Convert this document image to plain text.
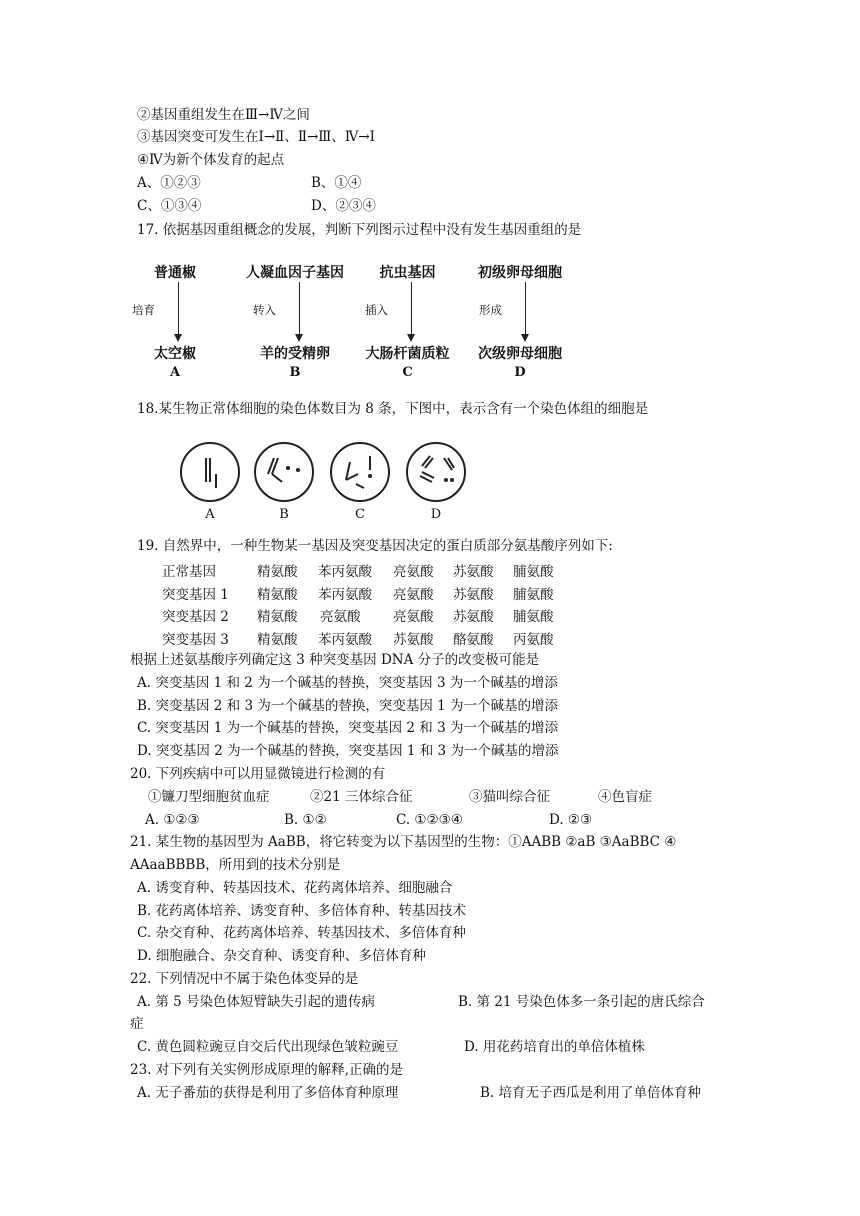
②基因重组发生在Ⅲ→Ⅳ之间
③基因突变可发生在Ⅰ→Ⅱ、Ⅱ→Ⅲ、Ⅳ→Ⅰ
④Ⅳ为新个体发育的起点
A、①②③	B、①④
C、①③④	D、②③④
17. 依据基因重组概念的发展，判断下列图示过程中没有发生基因重组的是
普通椒
培育
太空椒
A
人凝血因子基因
转入
羊的受精卵
B
抗虫基因
插入
大肠杆菌质粒
C
初级卵母细胞
形成
次级卵母细胞
D
18.某生物正常体细胞的染色体数目为 8 条，下图中，表示含有一个染色体组的细胞是
A	B	C	D
19. 自然界中，一种生物某一基因及突变基因决定的蛋白质部分氨基酸序列如下:
正常基因	精氨酸 苯丙氨酸 亮氨酸 苏氨酸 脯氨酸
突变基因 1 精氨酸 苯丙氨酸 亮氨酸 苏氨酸 脯氨酸
突变基因 2 精氨酸 亮氨酸 亮氨酸 苏氨酸 脯氨酸
突变基因 3 精氨酸 苯丙氨酸 苏氨酸 酪氨酸 丙氨酸
根据上述氨基酸序列确定这 3 种突变基因 DNA 分子的改变极可能是
A. 突变基因 1 和 2 为一个碱基的替换，突变基因 3 为一个碱基的增添
B. 突变基因 2 和 3 为一个碱基的替换，突变基因 1 为一个碱基的增添
C. 突变基因 1 为一个碱基的替换，突变基因 2 和 3 为一个碱基的增添
D. 突变基因 2 为一个碱基的替换，突变基因 1 和 3 为一个碱基的增添
20. 下列疾病中可以用显微镜进行检测的有
①镰刀型细胞贫血症	②21 三体综合征	③猫叫综合征	④色盲症
A. ①②③	B. ①②	C. ①②③④	D. ②③
21. 某生物的基因型为 AaBB，将它转变为以下基因型的生物：①AABB ②aB ③AaBBC ④
AAaaBBBB，所用到的技术分别是
A. 诱变育种、转基因技术、花药离体培养、细胞融合
B. 花药离体培养、诱变育种、多倍体育种、转基因技术
C. 杂交育种、花药离体培养、转基因技术、多倍体育种
D. 细胞融合、杂交育种、诱变育种、多倍体育种
22. 下列情况中不属于染色体变异的是
A. 第 5 号染色体短臂缺失引起的遗传病	B. 第 21 号染色体多一条引起的唐氏综合
症
C. 黄色圆粒豌豆自交后代出现绿色皱粒豌豆	D. 用花药培育出的单倍体植株
23. 对下列有关实例形成原理的解释,正确的是
A. 无子番茄的获得是利用了多倍体育种原理	B. 培育无子西瓜是利用了单倍体育种
